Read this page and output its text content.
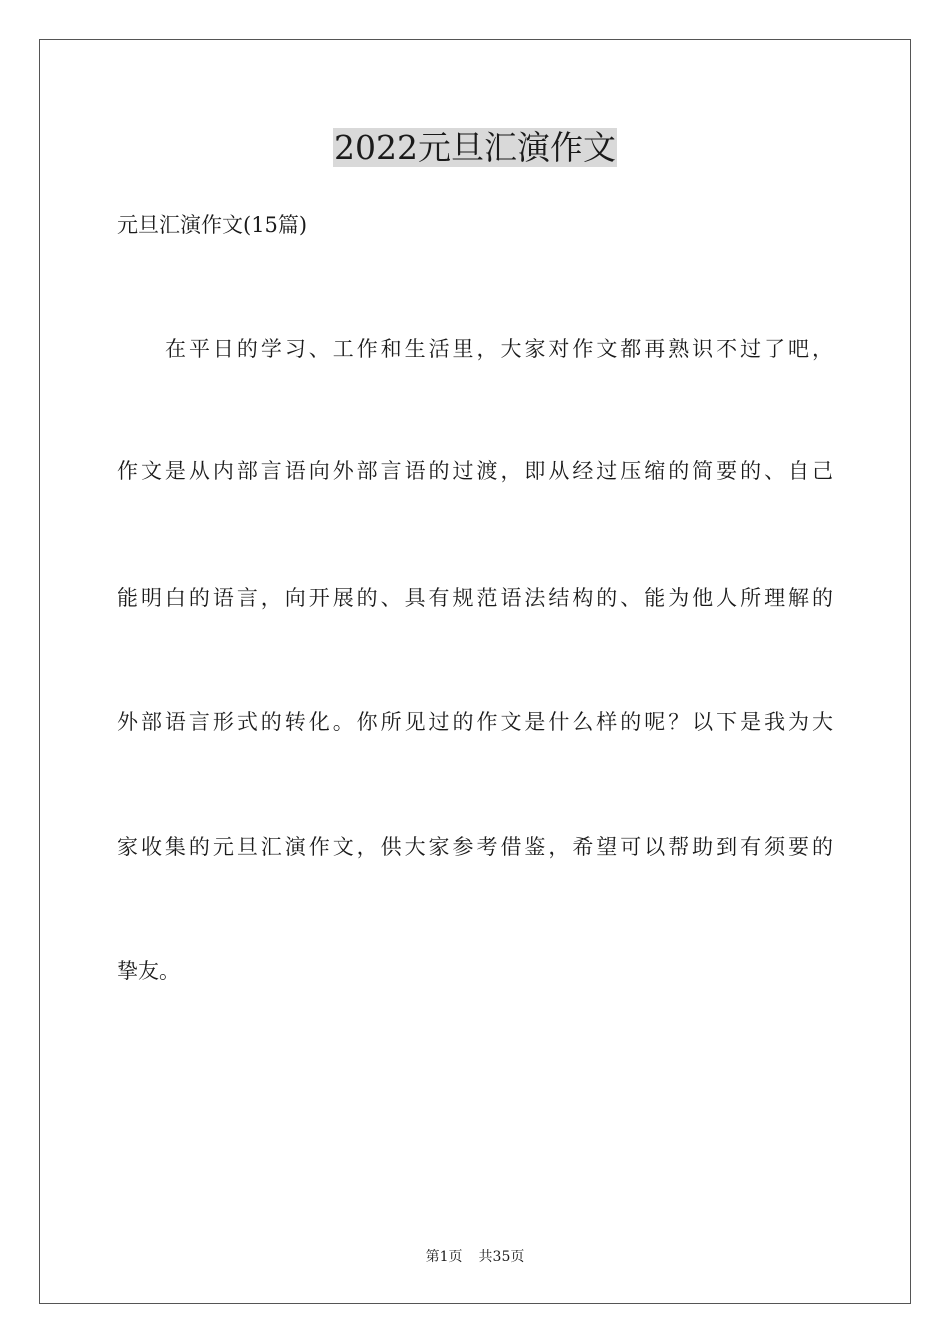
2022元旦汇演作文

元旦汇演作文(15篇)

在平日的学习、工作和生活里，大家对作文都再熟识不过了吧，

作文是从内部言语向外部言语的过渡，即从经过压缩的简要的、自己

能明白的语言，向开展的、具有规范语法结构的、能为他人所理解的

外部语言形式的转化。你所见过的作文是什么样的呢？以下是我为大

家收集的元旦汇演作文，供大家参考借鉴，希望可以帮助到有须要的

挚友。

第1页 共35页
